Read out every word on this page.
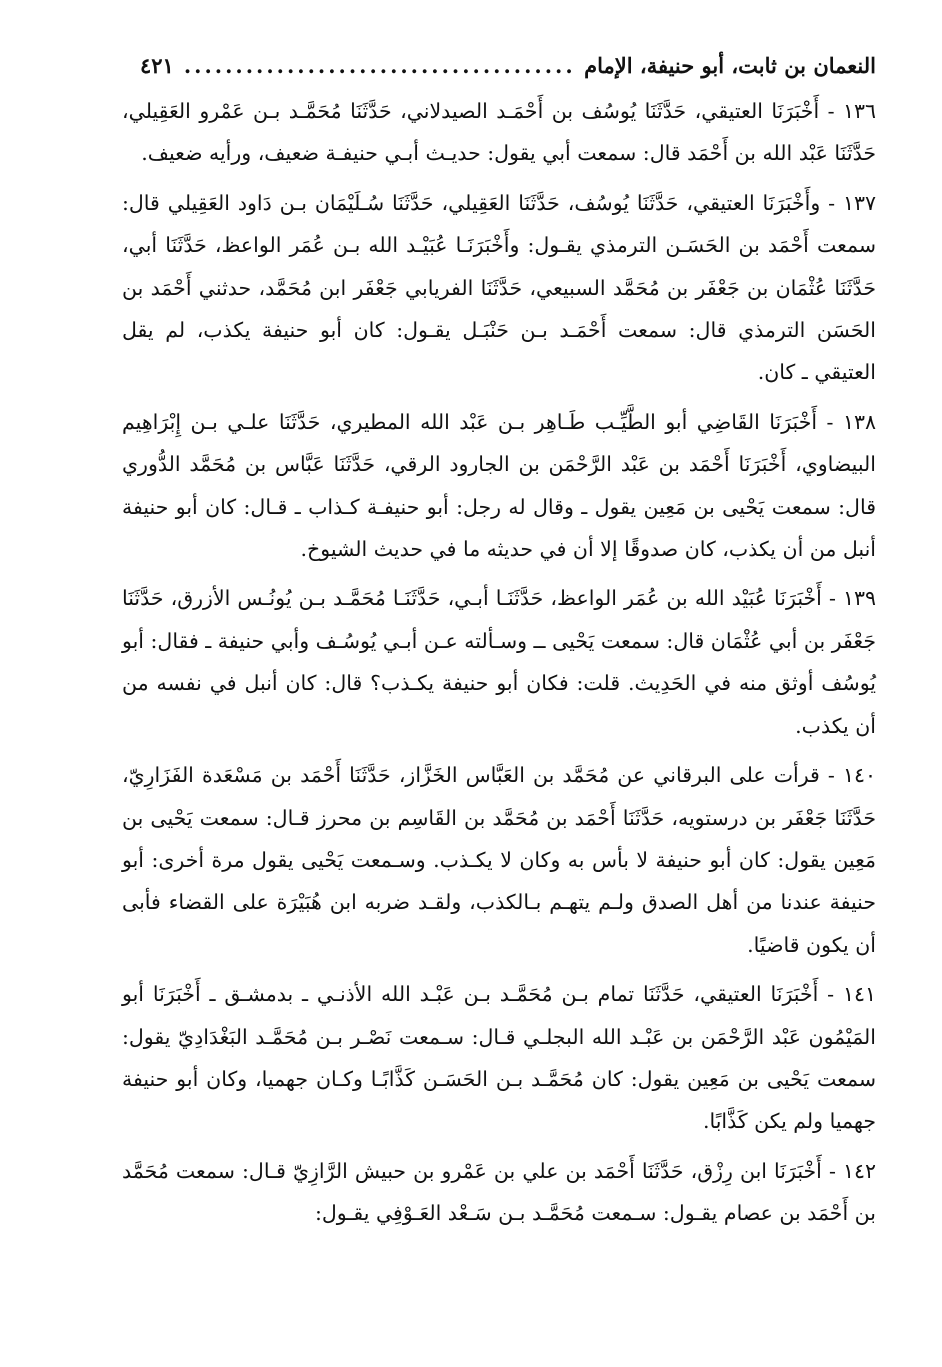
النعمان بن ثابت، أبو حنيفة، الإمام
.....
٤٢١

١٣٦ - أَخْبَرَنَا العتيقي، حَدَّثَنَا يُوسُف بن أَحْمَـد الصيدلاني، حَدَّثَنَا مُحَمَّـد بـن عَمْرو العَقِيلي، حَدَّثَنَا عَبْد الله بن أَحْمَد قال: سمعت أبي يقول: حديـث أبـي حنيفـة ضعيف، ورأيه ضعيف.

١٣٧ - وأَخْبَرَنَا العتيقي، حَدَّثَنَا يُوسُف، حَدَّثَنَا العَقِيلي، حَدَّثَنَا سُـلَيْمَان بـن دَاود العَقِيلي قال: سمعت أَحْمَد بن الحَسَـن الترمذي يقـول: وأَخْبَرَنَـا عُبَيْـد الله بـن عُمَر الواعظ، حَدَّثَنَا أبي، حَدَّثَنَا عُثْمَان بن جَعْفَر بن مُحَمَّد السبيعي، حَدَّثَنَا الفريابي جَعْفَر ابن مُحَمَّد، حدثني أَحْمَد بن الحَسَن الترمذي قال: سمعت أَحْمَـد بـن حَنْبَـل يقـول: كان أبو حنيفة يكذب، لم يقل العتيقي ـ كان.

١٣٨ - أَخْبَرَنَا القَاضِي أبو الطَّيِّـب طَـاهِر بـن عَبْد الله المطيري، حَدَّثَنَا علـي بـن إِبْرَاهِيم البيضاوي، أَخْبَرَنَا أَحْمَد بن عَبْد الرَّحْمَن بن الجارود الرقي، حَدَّثَنَا عَبَّاس بن مُحَمَّد الدُّوري قال: سمعت يَحْيى بن مَعِين يقول ـ وقال له رجل: أبو حنيفـة كـذاب ـ قـال: كان أبو حنيفة أنبل من أن يكذب، كان صدوقًا إلا أن في حديثه ما في حديث الشيوخ.

١٣٩ - أَخْبَرَنَا عُبَيْد الله بن عُمَر الواعظ، حَدَّثَنَـا أبـي، حَدَّثَنَـا مُحَمَّـد بـن يُونُـس الأزرق، حَدَّثَنَا جَعْفَر بن أبي عُثْمَان قال: سمعت يَحْيى ــ وسـألته عـن أبـي يُوسُـف وأبي حنيفة ـ فقال: أبو يُوسُف أوثق منه في الحَدِيث. قلت: فكان أبو حنيفة يكـذب؟ قال: كان أنبل في نفسه من أن يكذب.

١٤٠ - قرأت على البرقاني عن مُحَمَّد بن العَبَّاس الخَزَّاز، حَدَّثَنَا أَحْمَد بن مَسْعَدة الفَزَارِيّ، حَدَّثَنَا جَعْفَر بن درستويه، حَدَّثَنَا أَحْمَد بن مُحَمَّد بن القَاسِم بن محرز قـال: سمعت يَحْيى بن مَعِين يقول: كان أبو حنيفة لا بأس به وكان لا يكـذب. وسـمعت يَحْيى يقول مرة أخرى: أبو حنيفة عندنا من أهل الصدق ولـم يتهـم بـالكذب، ولقـد ضربه ابن هُبَيْرَة على القضاء فأبى أن يكون قاضيًا.

١٤١ - أَخْبَرَنَا العتيقي، حَدَّثَنَا تمام بـن مُحَمَّـد بـن عَبْـد الله الأذنـي ـ بدمشـق ـ أَخْبَرَنَا أبو المَيْمُون عَبْد الرَّحْمَن بن عَبْـد الله البجلـي قـال: سـمعت نَصْـر بـن مُحَمَّـد البَغْدَادِيّ يقول: سمعت يَحْيى بن مَعِين يقول: كان مُحَمَّـد بـن الحَسَـن كَذَّابًـا وكـان جهميا، وكان أبو حنيفة جهميا ولم يكن كَذَّابًا.

١٤٢ - أَخْبَرَنَا ابن رِزْق، حَدَّثَنَا أَحْمَد بن علي بن عَمْرو بن حبيش الرَّازِيّ قـال: سمعت مُحَمَّد بن أَحْمَد بن عصام يقـول: سـمعت مُحَمَّـد بـن سَـعْد العَـوْفِي يقـول:
